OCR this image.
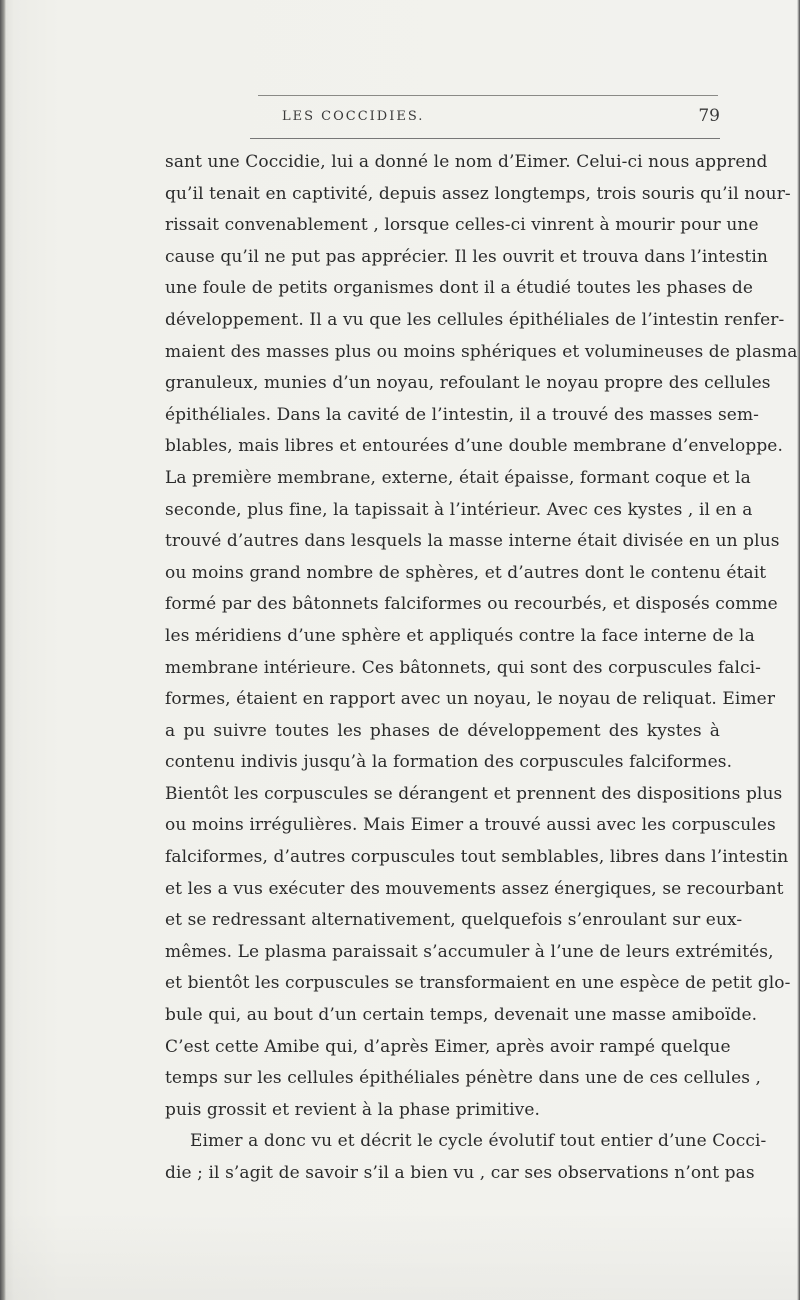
LES COCCIDIES.	79
sant une Coccidie, lui a donné le nom d’Eimer. Celui-ci nous apprend
qu’il tenait en captivité, depuis assez longtemps, trois souris qu’il nour-
rissait convenablement , lorsque celles-ci vinrent à mourir pour une
cause qu’il ne put pas apprécier. Il les ouvrit et trouva dans l’intestin
une foule de petits organismes dont il a étudié toutes les phases de
développement. Il a vu que les cellules épithéliales de l’intestin renfer-
maient des masses plus ou moins sphériques et volumineuses de plasma
granuleux, munies d’un noyau, refoulant le noyau propre des cellules
épithéliales. Dans la cavité de l’intestin, il a trouvé des masses sem-
blables, mais libres et entourées d’une double membrane d’enveloppe.
La première membrane, externe, était épaisse, formant coque et la
seconde, plus fine, la tapissait à l’intérieur. Avec ces kystes , il en a
trouvé d’autres dans lesquels la masse interne était divisée en un plus
ou moins grand nombre de sphères, et d’autres dont le contenu était
formé par des bâtonnets falciformes ou recourbés, et disposés comme
les méridiens d’une sphère et appliqués contre la face interne de la
membrane intérieure. Ces bâtonnets, qui sont des corpuscules falci-
formes, étaient en rapport avec un noyau, le noyau de reliquat. Eimer
a pu suivre toutes les phases de développement des kystes à
contenu indivis jusqu’à la formation des corpuscules falciformes.
Bientôt les corpuscules se dérangent et prennent des dispositions plus
ou moins irrégulières. Mais Eimer a trouvé aussi avec les corpuscules
falciformes, d’autres corpuscules tout semblables, libres dans l’intestin
et les a vus exécuter des mouvements assez énergiques, se recourbant
et se redressant alternativement, quelquefois s’enroulant sur eux-
mêmes. Le plasma paraissait s’accumuler à l’une de leurs extrémités,
et bientôt les corpuscules se transformaient en une espèce de petit glo-
bule qui, au bout d’un certain temps, devenait une masse amiboïde.
C’est cette Amibe qui, d’après Eimer, après avoir rampé quelque
temps sur les cellules épithéliales pénètre dans une de ces cellules ,
puis grossit et revient à la phase primitive.
Eimer a donc vu et décrit le cycle évolutif tout entier d’une Cocci-
die ; il s’agit de savoir s’il a bien vu , car ses observations n’ont pas
